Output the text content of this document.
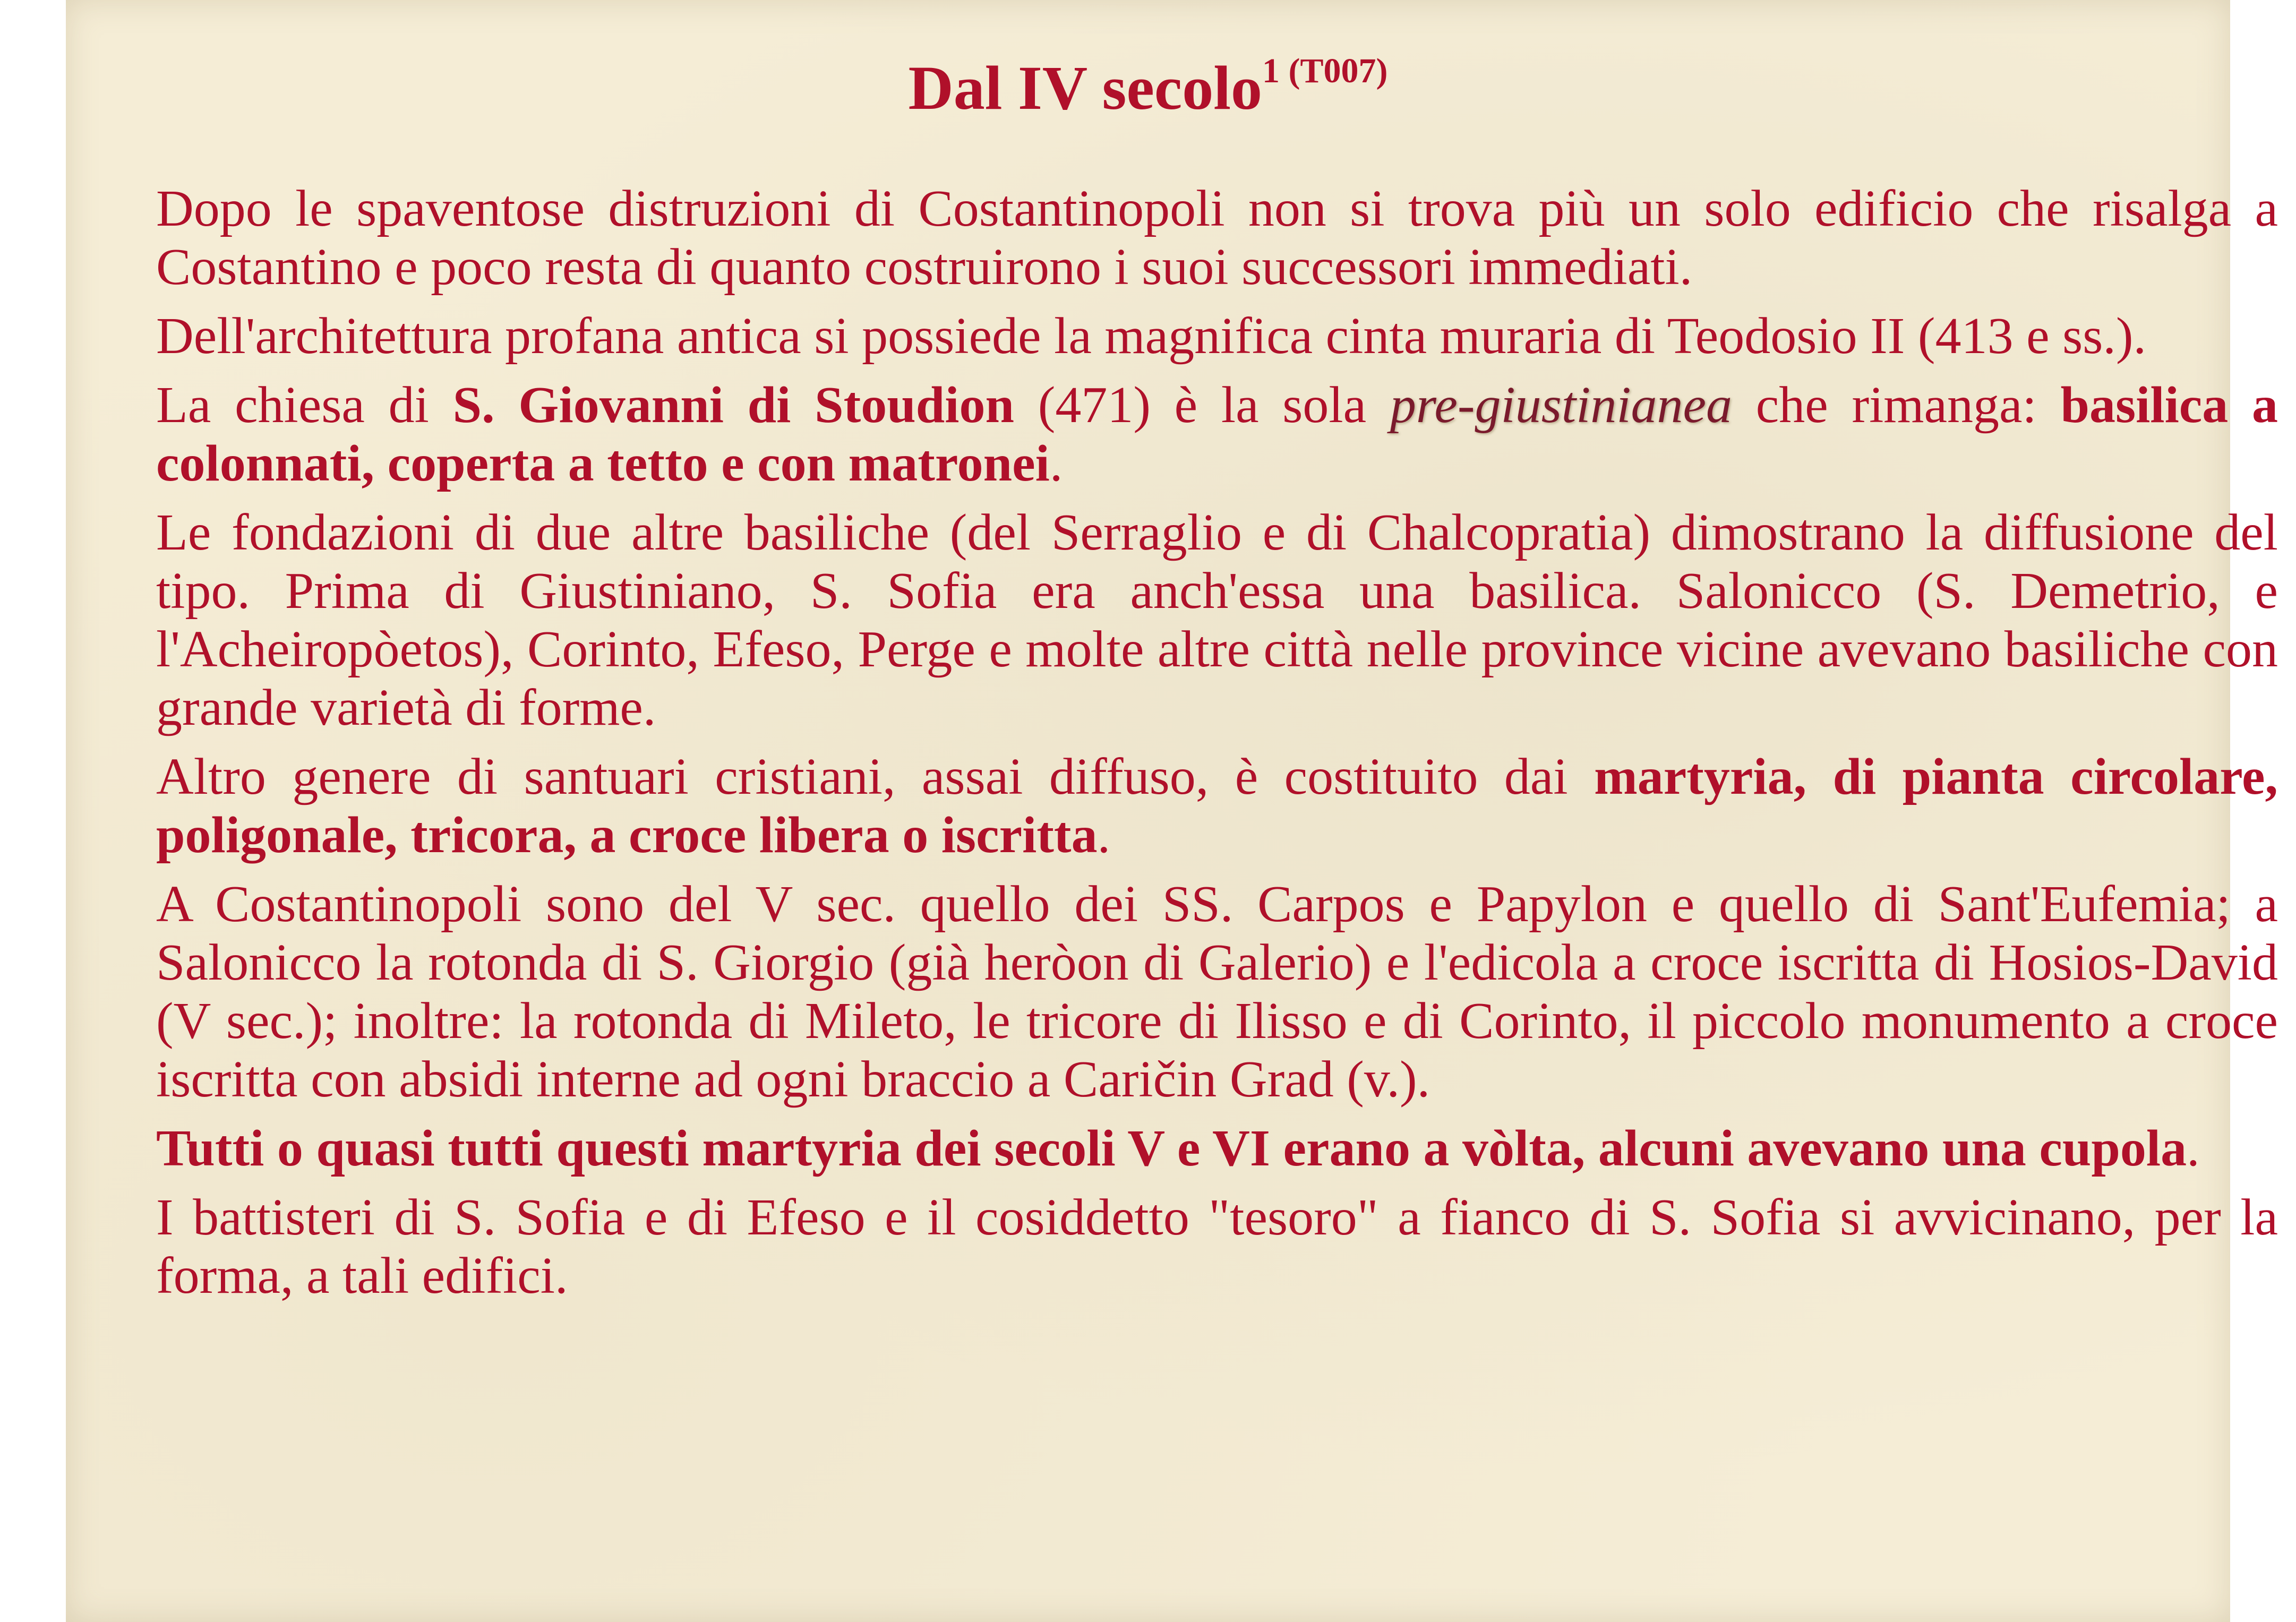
Dal IV secolo$^{1 (T007)}$

Dopo le spaventose distruzioni di Costantinopoli non si trova più un solo edificio che risalga a Costantino e poco resta di quanto costruirono i suoi successori immediati.

Dell'architettura profana antica si possiede la magnifica cinta muraria di Teodosio II (413 e ss.).

La chiesa di S. Giovanni di Stoudion (471) è la sola pre-giustinianea che rimanga: basilica a colonnati, coperta a tetto e con matronei.

Le fondazioni di due altre basiliche (del Serraglio e di Chalcopratia) dimostrano la diffusione del tipo. Prima di Giustiniano, S. Sofia era anch'essa una basilica. Salonicco (S. Demetrio, e l'Acheiropòetos), Corinto, Efeso, Perge e molte altre città nelle province vicine avevano basiliche con grande varietà di forme.

Altro genere di santuari cristiani, assai diffuso, è costituito dai martyria, di pianta circolare, poligonale, tricora, a croce libera o iscritta.

A Costantinopoli sono del V sec. quello dei SS. Carpos e Papylon e quello di Sant'Eufemia; a Salonicco la rotonda di S. Giorgio (già heròon di Galerio) e l'edicola a croce iscritta di Hosios-David (V sec.); inoltre: la rotonda di Mileto, le tricore di Ilisso e di Corinto, il piccolo monumento a croce iscritta con absidi interne ad ogni braccio a Caričin Grad (v.).

Tutti o quasi tutti questi martyria dei secoli V e VI erano a vòlta, alcuni avevano una cupola.

I battisteri di S. Sofia e di Efeso e il cosiddetto "tesoro" a fianco di S. Sofia si avvicinano, per la forma, a tali edifici.
